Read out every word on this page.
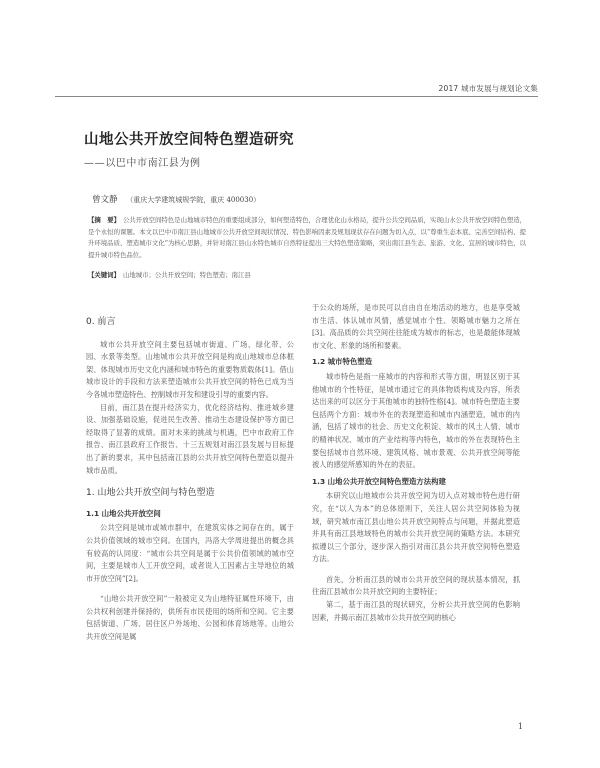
2017 城市发展与规划论文集
山地公共开放空间特色塑造研究
——以巴中市南江县为例
曾文静 （重庆大学建筑城规学院，重庆 400030）
【摘　要】 公共开放空间特色是山地城市特色的重要组成部分，如何塑造特色，合理优化山水格局，提升公共空间品质，实现山水公共开放空间特色塑造，是个永恒的课题。本文以巴中市南江县山地城市公共开放空间现状情况、特色影响因素及规划现状存在问题为切入点，以“尊重生态本底、完善空间结构、提升环境品质、塑造城市文化”为核心思路，并针对南江县山水特色城市自然特征提出三大特色塑造策略，突出南江县生态、旅游、文化、宜居的城市特色，以提升城市特色品位。
【关键词】 山地城市；公共开放空间；特色塑造；南江县
0. 前言

城市公共开放空间主要包括城市街道、广场、绿化带、公园、水景等类型。山地城市公共开放空间是构成山地城市总体框架、体现城市历史文化内涵和城市特色的重要物质载体[1]。借山城市设计的手段和方法来塑造城市公共开放空间的特色已成为当今各城市塑造特色、控制城市开发和建设引导的重要内容。

目前，南江县在提升经济实力，优化经济结构、推进城乡建设、加强基础设施，促进民生改善、推动生态建设保护等方面已经取得了显著的成绩。面对未来的挑战与机遇，巴中市政府工作报告、南江县政府工作报告、十三五规划对南江县发展与目标提出了新的要求，其中包括南江县的公共开放空间特色塑造以提升城市品质。

1. 山地公共开放空间与特色塑造
1.1 山地公共开放空间

公共空间是城市或城市群中，在建筑实体之间存在的，属于公共价值领域的城市空间。在国内，冯洛大学周进提出的概念具有较高的认同度：“城市公共空间是属于公共价值领域的城市空间，主要是城市人工开放空间，或者说人工因素占主导地位的城市开放空间”[2]。

“山地公共开放空间”一般被定义为山地特征属性环境下，由公共权利创建并保持的，供所有市民使用的场所和空间。它主要包括街道、广场、居住区户外场地、公园和体育场地等。山地公共开放空间是属

于公众的场所，是市民可以自由自在地活动的地方，也是享受城市生活、体认城市风情，感觉城市个性、领略城市魅力之所在[3]。高品质的公共空间往往能成为城市的标志，也是最能体现城市文化、形象的场所和要素。

1.2 城市特色塑造

城市特色是指一座城市的内容和形式等方面，明显区别于其他城市的个性特征，是城市通过它的具体物质构成及内容，所表达出来的可以区分于其他城市的独特性格[4]。城市特色塑造主要包括两个方面：城市外在的表现塑造和城市内涵塑造，城市的内涵，包括了城市的社会、历史文化积淀、城市的风土人情、城市的精神状况、城市的产业结构等内特色，城市的外在表现特色主要包括城市自然环境、建筑风格、城市景观、公共开放空间等能被人的感觉所感知的外在的表征。

1.3 山地公共开放空间特色塑造方法构建

本研究以山地城市公共开放空间为切入点对城市特色进行研究，在“以人为本”的总体原则下，关注人居公共空间体验为视域，研究城市南江县山地公共开放空间特点与问题，并据此塑造并具有南江县地域特色的城市公共开放空间的策略方法。本研究拟遵以三个部分，逐步深入指引对南江县公共开放空间特色塑造方法。

首先，分析南江县的城市公共开放空间的现状基本情况，抓住南江县城市公共开放空间的主要特征；

第二，基于南江县的现状研究，分析公共开放空间的色影响因素，并揭示南江县城市公共开放空间的核心

1
